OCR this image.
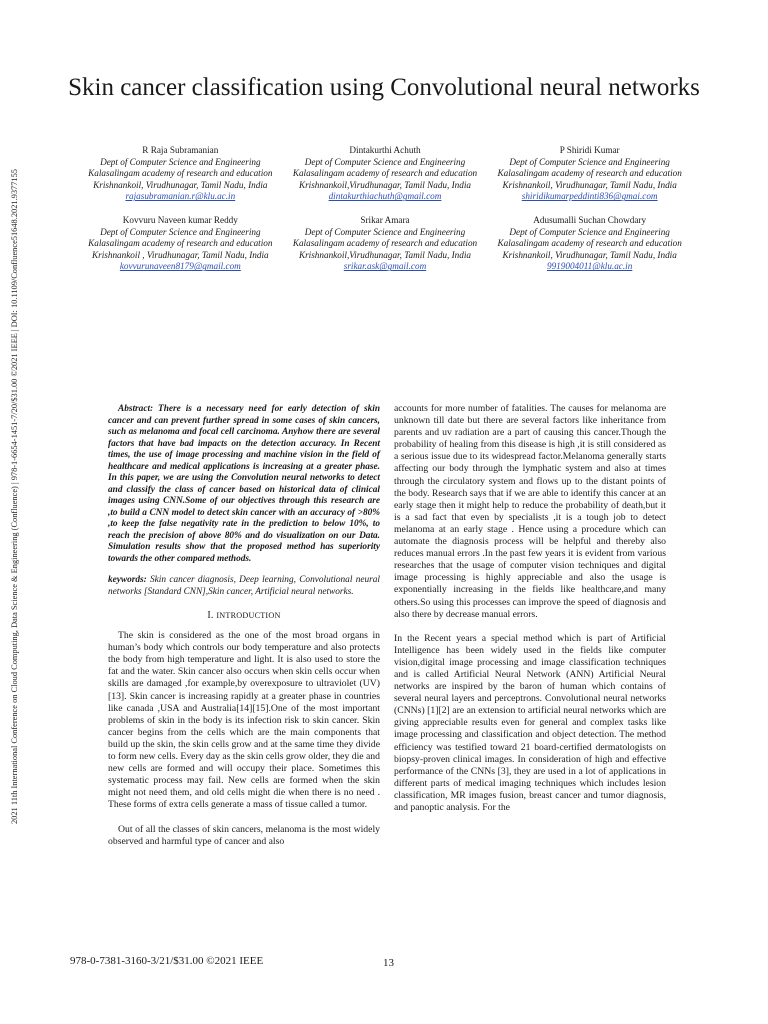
2021 11th International Conference on Cloud Computing, Data Science & Engineering (Confluence) | 978-1-6654-1451-7/20/$31.00 ©2021 IEEE | DOI: 10.1109/Confluence51648.2021.9377155
Skin cancer classification using Convolutional neural networks
R Raja Subramanian
Dept of Computer Science and Engineering
Kalasalingam academy of research and education
Krishnankoil, Virudhunagar, Tamil Nadu, India
rajasubramanian.r@klu.ac.in
Dintakurthi Achuth
Dept of Computer Science and Engineering
Kalasalingam academy of research and education
Krishnankoil,Virudhunagar, Tamil Nadu, India
dintakurthiachuth@gmail.com
P Shiridi Kumar
Dept of Computer Science and Engineering
Kalasalingam academy of research and education
Krishnankoil, Virudhunagar, Tamil Nadu, India
shiridikumarpeddinti836@gmai.com
Kovvuru Naveen kumar Reddy
Dept of Computer Science and Engineering
Kalasalingam academy of research and education
Krishnankoil , Virudhunagar, Tamil Nadu, India
kovvurunaveen8179@gmail.com
Srikar Amara
Dept of Computer Science and Engineering
Kalasalingam academy of research and education
Krishnankoil,Virudhunagar, Tamil Nadu, India
srikar.ask@gmail.com
Adusumalli Suchan Chowdary
Dept of Computer Science and Engineering
Kalasalingam academy of research and education
Krishnankoil, Virudhunagar, Tamil Nadu, India
9919004011@klu.ac.in

Abstract: There is a necessary need for early detection of skin cancer and can prevent further spread in some cases of skin cancers, such as melanoma and focal cell carcinoma. Anyhow there are several factors that have bad impacts on the detection accuracy. In Recent times, the use of image processing and machine vision in the field of healthcare and medical applications is increasing at a greater phase. In this paper, we are using the Convolution neural networks to detect and classify the class of cancer based on historical data of clinical images using CNN.Some of our objectives through this research are ,to build a CNN model to detect skin cancer with an accuracy of >80% ,to keep the false negativity rate in the prediction to below 10%, to reach the precision of above 80% and do visualization on our Data. Simulation results show that the proposed method has superiority towards the other compared methods.

keywords: Skin cancer diagnosis, Deep learning, Convolutional neural networks [Standard CNN],Skin cancer, Artificial neural networks.

I. INTRODUCTION

The skin is considered as the one of the most broad organs in human’s body which controls our body temperature and also protects the body from high temperature and light. It is also used to store the fat and the water. Skin cancer also occurs when skin cells occur when skills are damaged ,for example,by overexposure to ultraviolet (UV) [13]. Skin cancer is increasing rapidly at a greater phase in countries like canada ,USA and Australia[14][15].One of the most important problems of skin in the body is its infection risk to skin cancer. Skin cancer begins from the cells which are the main components that build up the skin, the skin cells grow and at the same time they divide to form new cells. Every day as the skin cells grow older, they die and new cells are formed and will occupy their place. Sometimes this systematic process may fail. New cells are formed when the skin might not need them, and old cells might die when there is no need . These forms of extra cells generate a mass of tissue called a tumor.

Out of all the classes of skin cancers, melanoma is the most widely observed and harmful type of cancer and also

accounts for more number of fatalities. The causes for melanoma are unknown till date but there are several factors like inheritance from parents and uv radiation are a part of causing this cancer.Though the probability of healing from this disease is high ,it is still considered as a serious issue due to its widespread factor.Melanoma generally starts affecting our body through the lymphatic system and also at times through the circulatory system and flows up to the distant points of the body. Research says that if we are able to identify this cancer at an early stage then it might help to reduce the probability of death,but it is a sad fact that even by specialists ,it is a tough job to detect melanoma at an early stage . Hence using a procedure which can automate the diagnosis process will be helpful and thereby also reduces manual errors .In the past few years it is evident from various researches that the usage of computer vision techniques and digital image processing is highly appreciable and also the usage is exponentially increasing in the fields like healthcare,and many others.So using this processes can improve the speed of diagnosis and also there by decrease manual errors.

In the Recent years a special method which is part of Artificial Intelligence has been widely used in the fields like computer vision,digital image processing and image classification techniques and is called Artificial Neural Network (ANN) Artificial Neural networks are inspired by the baron of human which contains of several neural layers and perceptrons. Convolutional neural networks (CNNs) [1][2] are an extension to artificial neural networks which are giving appreciable results even for general and complex tasks like image processing and classification and object detection. The method efficiency was testified toward 21 board-certified dermatologists on biopsy-proven clinical images. In consideration of high and effective performance of the CNNs [3], they are used in a lot of applications in different parts of medical imaging techniques which includes lesion classification, MR images fusion, breast cancer and tumor diagnosis, and panoptic analysis. For the

978-0-7381-3160-3/21/$31.00 ©2021 IEEE	13
